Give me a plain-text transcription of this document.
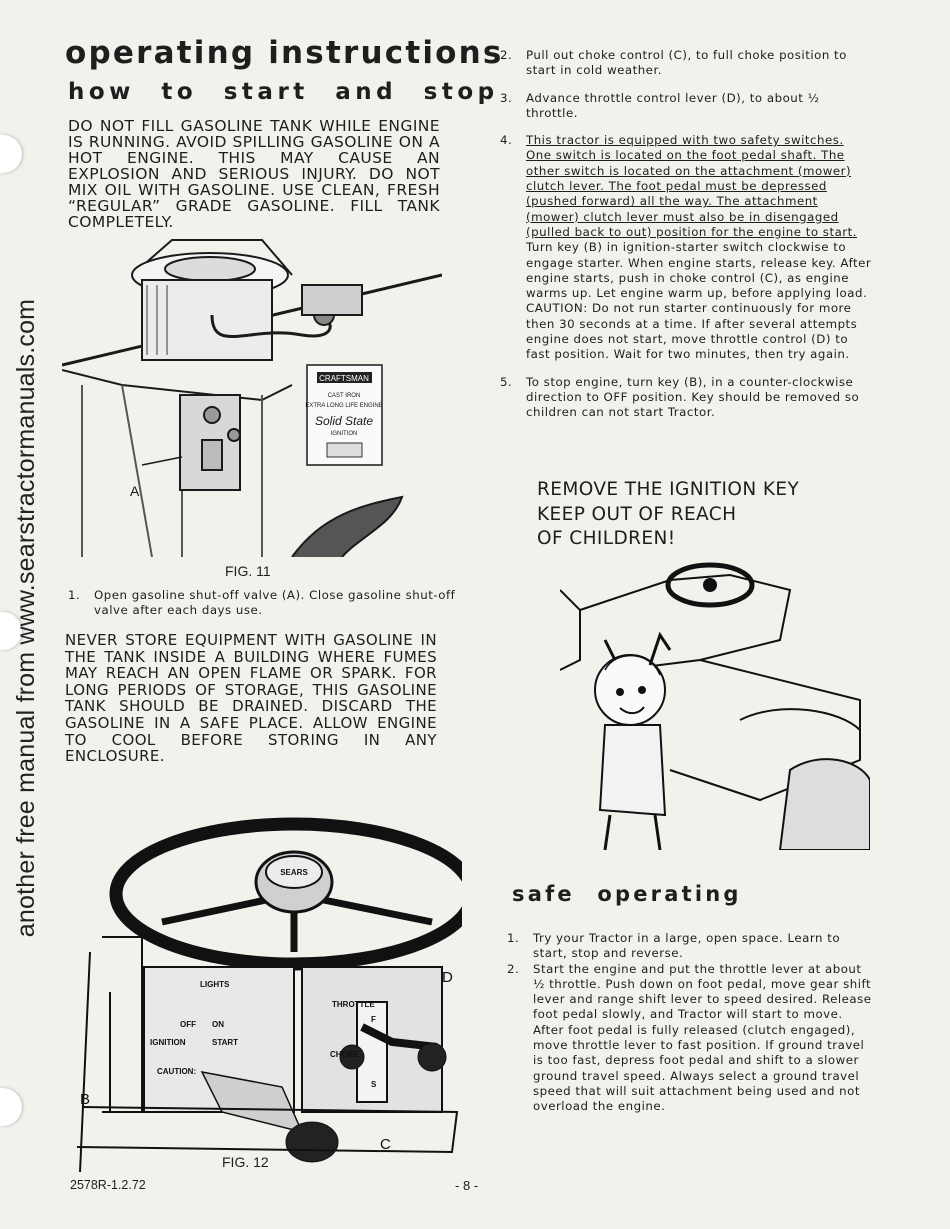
another free manual from www.searstractormanuals.com
operating instructions
how to start and stop
DO NOT FILL GASOLINE TANK WHILE ENGINE IS RUNNING. AVOID SPILLING GASOLINE ON A HOT ENGINE. THIS MAY CAUSE AN EXPLOSION AND SERIOUS INJURY. DO NOT MIX OIL WITH GASOLINE. USE CLEAN, FRESH “REGULAR” GRADE GASOLINE. FILL TANK COMPLETELY.
CRAFTSMAN
CAST IRON
EXTRA LONG LIFE ENGINE
Solid State
IGNITION
A
FIG. 11
1. Open gasoline shut-off valve (A). Close gasoline shut-off valve after each days use.
NEVER STORE EQUIPMENT WITH GASOLINE IN THE TANK INSIDE A BUILDING WHERE FUMES MAY REACH AN OPEN FLAME OR SPARK. FOR LONG PERIODS OF STORAGE, THIS GASOLINE TANK SHOULD BE DRAINED. DISCARD THE GASOLINE IN A SAFE PLACE. ALLOW ENGINE TO COOL BEFORE STORING IN ANY ENCLOSURE.
SEARS
LIGHTS
OFF ON
IGNITION	START
CAUTION:
THROTTLE
CHOKE
F
S
B
C
D
FIG. 12
2. Pull out choke control (C), to full choke position to start in cold weather.
3. Advance throttle control lever (D), to about ½ throttle.
4. This tractor is equipped with two safety switches. One switch is located on the foot pedal shaft. The other switch is located on the attachment (mower) clutch lever. The foot pedal must be depressed (pushed forward) all the way. The attachment (mower) clutch lever must also be in disengaged (pulled back to out) position for the engine to start. Turn key (B) in ignition-starter switch clockwise to engage starter. When engine starts, release key. After engine starts, push in choke control (C), as engine warms up. Let engine warm up, before applying load. CAUTION: Do not run starter continuously for more then 30 seconds at a time. If after several attempts engine does not start, move throttle control (D) to fast position. Wait for two minutes, then try again.
5. To stop engine, turn key (B), in a counter-clockwise direction to OFF position. Key should be removed so children can not start Tractor.
REMOVE THE IGNITION KEY
KEEP OUT OF REACH
OF CHILDREN!
safe operating
1. Try your Tractor in a large, open space. Learn to start, stop and reverse.
2. Start the engine and put the throttle lever at about ½ throttle. Push down on foot pedal, move gear shift lever and range shift lever to speed desired. Release foot pedal slowly, and Tractor will start to move. After foot pedal is fully released (clutch engaged), move throttle lever to fast position. If ground travel is too fast, depress foot pedal and shift to a slower ground travel speed. Always select a ground travel speed that will suit attachment being used and not overload the engine.
2578R-1.2.72	- 8 -
